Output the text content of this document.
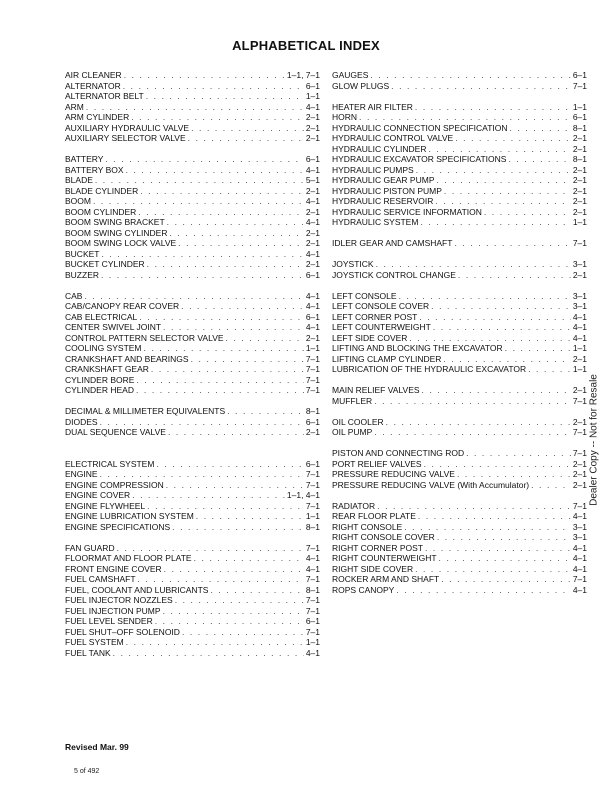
ALPHABETICAL INDEX
AIR CLEANER . . .	1–1, 7–1
ALTERNATOR . . .	6–1
ALTERNATOR BELT . . .	1–1
ARM . . .	4–1
ARM CYLINDER . . .	2–1
AUXILIARY HYDRAULIC VALVE . . .	2–1
AUXILIARY SELECTOR VALVE . . .	2–1
BATTERY . . .	6–1
BATTERY BOX . . .	4–1
BLADE . . .	5–1
BLADE CYLINDER . . .	2–1
BOOM . . .	4–1
BOOM CYLINDER . . .	2–1
BOOM SWING BRACKET . . .	4–1
BOOM SWING CYLINDER . . .	2–1
BOOM SWING LOCK VALVE . . .	2–1
BUCKET . . .	4–1
BUCKET CYLINDER . . .	2–1
BUZZER . . .	6–1
CAB . . .	4–1
CAB/CANOPY REAR COVER . . .	4–1
CAB ELECTRICAL . . .	6–1
CENTER SWIVEL JOINT . . .	4–1
CONTROL PATTERN SELECTOR VALVE . . .	2–1
COOLING SYSTEM . . .	1–1
CRANKSHAFT AND BEARINGS . . .	7–1
CRANKSHAFT GEAR . . .	7–1
CYLINDER BORE . . .	7–1
CYLINDER HEAD . . .	7–1
DECIMAL & MILLIMETER EQUIVALENTS . . .	8–1
DIODES . . .	6–1
DUAL SEQUENCE VALVE . . .	2–1
ELECTRICAL SYSTEM . . .	6–1
ENGINE . . .	7–1
ENGINE COMPRESSION . . .	7–1
ENGINE COVER . . .	1–1, 4–1
ENGINE FLYWHEEL . . .	7–1
ENGINE LUBRICATION SYSTEM . . .	1–1
ENGINE SPECIFICATIONS . . .	8–1
FAN GUARD . . .	7–1
FLOORMAT AND FLOOR PLATE . . .	4–1
FRONT ENGINE COVER . . .	4–1
FUEL CAMSHAFT . . .	7–1
FUEL, COOLANT AND LUBRICANTS . . .	8–1
FUEL INJECTOR NOZZLES . . .	7–1
FUEL INJECTION PUMP . . .	7–1
FUEL LEVEL SENDER . . .	6–1
FUEL SHUT–OFF SOLENOID . . .	7–1
FUEL SYSTEM . . .	1–1
FUEL TANK . . .	4–1
GAUGES . . .	6–1
GLOW PLUGS . . .	7–1
HEATER AIR FILTER . . .	1–1
HORN . . .	6–1
HYDRAULIC CONNECTION SPECIFICATION . . .	8–1
HYDRAULIC CONTROL VALVE . . .	2–1
HYDRAULIC CYLINDER . . .	2–1
HYDRAULIC EXCAVATOR SPECIFICATIONS . . .	8–1
HYDRAULIC PUMPS . . .	2–1
HYDRAULIC GEAR PUMP . . .	2–1
HYDRAULIC PISTON PUMP . . .	2–1
HYDRAULIC RESERVOIR . . .	2–1
HYDRAULIC SERVICE INFORMATION . . .	2–1
HYDRAULIC SYSTEM . . .	1–1
IDLER GEAR AND CAMSHAFT . . .	7–1
JOYSTICK . . .	3–1
JOYSTICK CONTROL CHANGE . . .	2–1
LEFT CONSOLE . . .	3–1
LEFT CONSOLE COVER . . .	3–1
LEFT CORNER POST . . .	4–1
LEFT COUNTERWEIGHT . . .	4–1
LEFT SIDE COVER . . .	4–1
LIFTING AND BLOCKING THE EXCAVATOR . . .	1–1
LIFTING CLAMP CYLINDER . . .	2–1
LUBRICATION OF THE HYDRAULIC EXCAVATOR . . .	1–1
MAIN RELIEF VALVES . . .	2–1
MUFFLER . . .	7–1
OIL COOLER . . .	2–1
OIL PUMP . . .	7–1
PISTON AND CONNECTING ROD . . .	7–1
PORT RELIEF VALVES . . .	2–1
PRESSURE REDUCING VALVE . . .	2–1
PRESSURE REDUCING VALVE (With Accumulator) . . .	2–1
RADIATOR . . .	7–1
REAR FLOOR PLATE . . .	4–1
RIGHT CONSOLE . . .	3–1
RIGHT CONSOLE COVER . . .	3–1
RIGHT CORNER POST . . .	4–1
RIGHT COUNTERWEIGHT . . .	4–1
RIGHT SIDE COVER . . .	4–1
ROCKER ARM AND SHAFT . . .	7–1
ROPS CANOPY . . .	4–1
Revised Mar. 99
5 of 492
Dealer Copy -- Not for Resale
